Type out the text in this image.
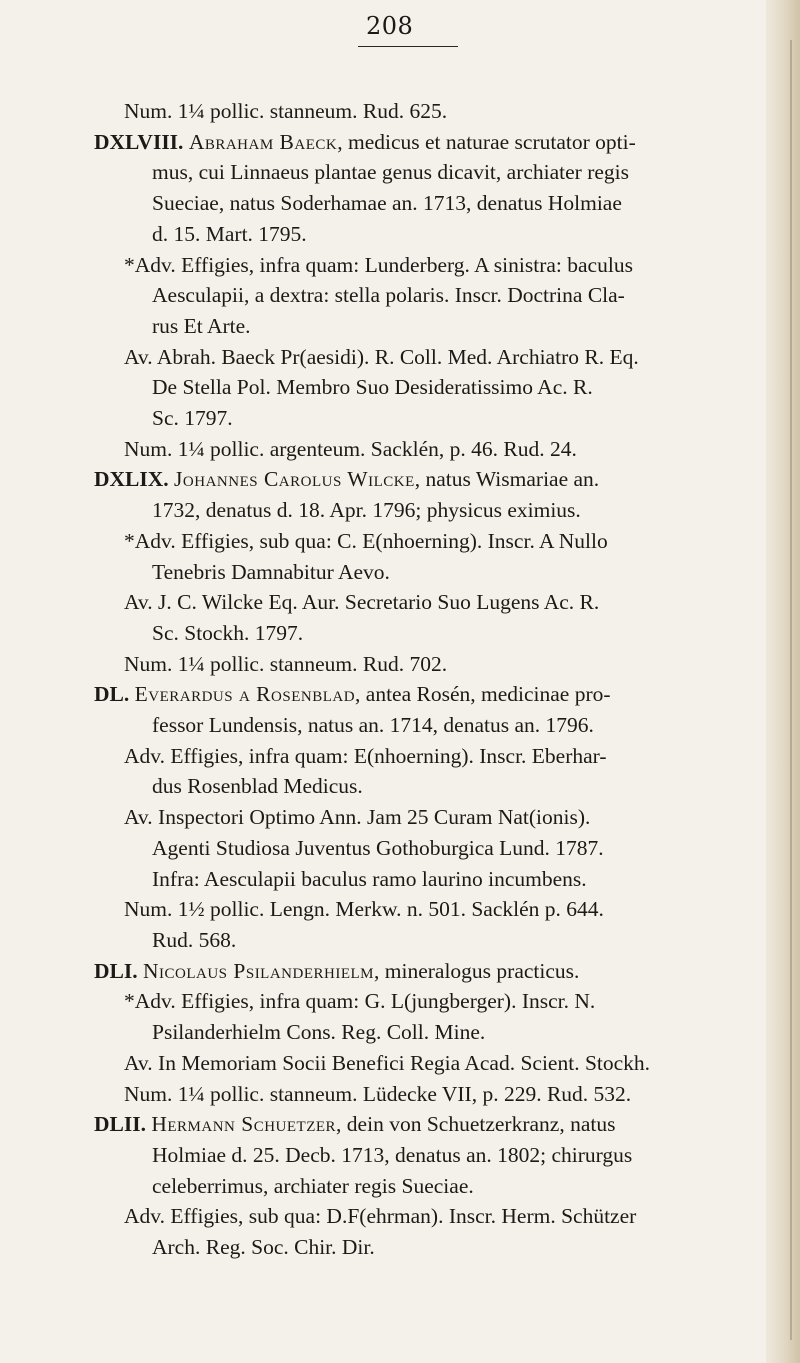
208
Num. 1¼ pollic. stanneum. Rud. 625.
DXLVIII. Abraham Baeck, medicus et naturae scrutator opti-
mus, cui Linnaeus plantae genus dicavit, archiater regis
Sueciae, natus Soderhamae an. 1713, denatus Holmiae
d. 15. Mart. 1795.
*Adv. Effigies, infra quam: Lunderberg. A sinistra: baculus
Aesculapii, a dextra: stella polaris. Inscr. Doctrina Cla-
rus Et Arte.
Av. Abrah. Baeck Pr(aesidi). R. Coll. Med. Archiatro R. Eq.
De Stella Pol. Membro Suo Desideratissimo Ac. R.
Sc. 1797.
Num. 1¼ pollic. argenteum. Sacklén, p. 46. Rud. 24.
DXLIX. Johannes Carolus Wilcke, natus Wismariae an.
1732, denatus d. 18. Apr. 1796; physicus eximius.
*Adv. Effigies, sub qua: C. E(nhoerning). Inscr. A Nullo
Tenebris Damnabitur Aevo.
Av. J. C. Wilcke Eq. Aur. Secretario Suo Lugens Ac. R.
Sc. Stockh. 1797.
Num. 1¼ pollic. stanneum. Rud. 702.
DL. Everardus a Rosenblad, antea Rosén, medicinae pro-
fessor Lundensis, natus an. 1714, denatus an. 1796.
Adv. Effigies, infra quam: E(nhoerning). Inscr. Eberhar-
dus Rosenblad Medicus.
Av. Inspectori Optimo Ann. Jam 25 Curam Nat(ionis).
Agenti Studiosa Juventus Gothoburgica Lund. 1787.
Infra: Aesculapii baculus ramo laurino incumbens.
Num. 1½ pollic. Lengn. Merkw. n. 501. Sacklén p. 644.
Rud. 568.
DLI. Nicolaus Psilanderhielm, mineralogus practicus.
*Adv. Effigies, infra quam: G. L(jungberger). Inscr. N.
Psilanderhielm Cons. Reg. Coll. Mine.
Av. In Memoriam Socii Benefici Regia Acad. Scient. Stockh.
Num. 1¼ pollic. stanneum. Lüdecke VII, p. 229. Rud. 532.
DLII. Hermann Schuetzer, dein von Schuetzerkranz, natus
Holmiae d. 25. Decb. 1713, denatus an. 1802; chirurgus
celeberrimus, archiater regis Sueciae.
Adv. Effigies, sub qua: D.F(ehrman). Inscr. Herm. Schützer
Arch. Reg. Soc. Chir. Dir.
